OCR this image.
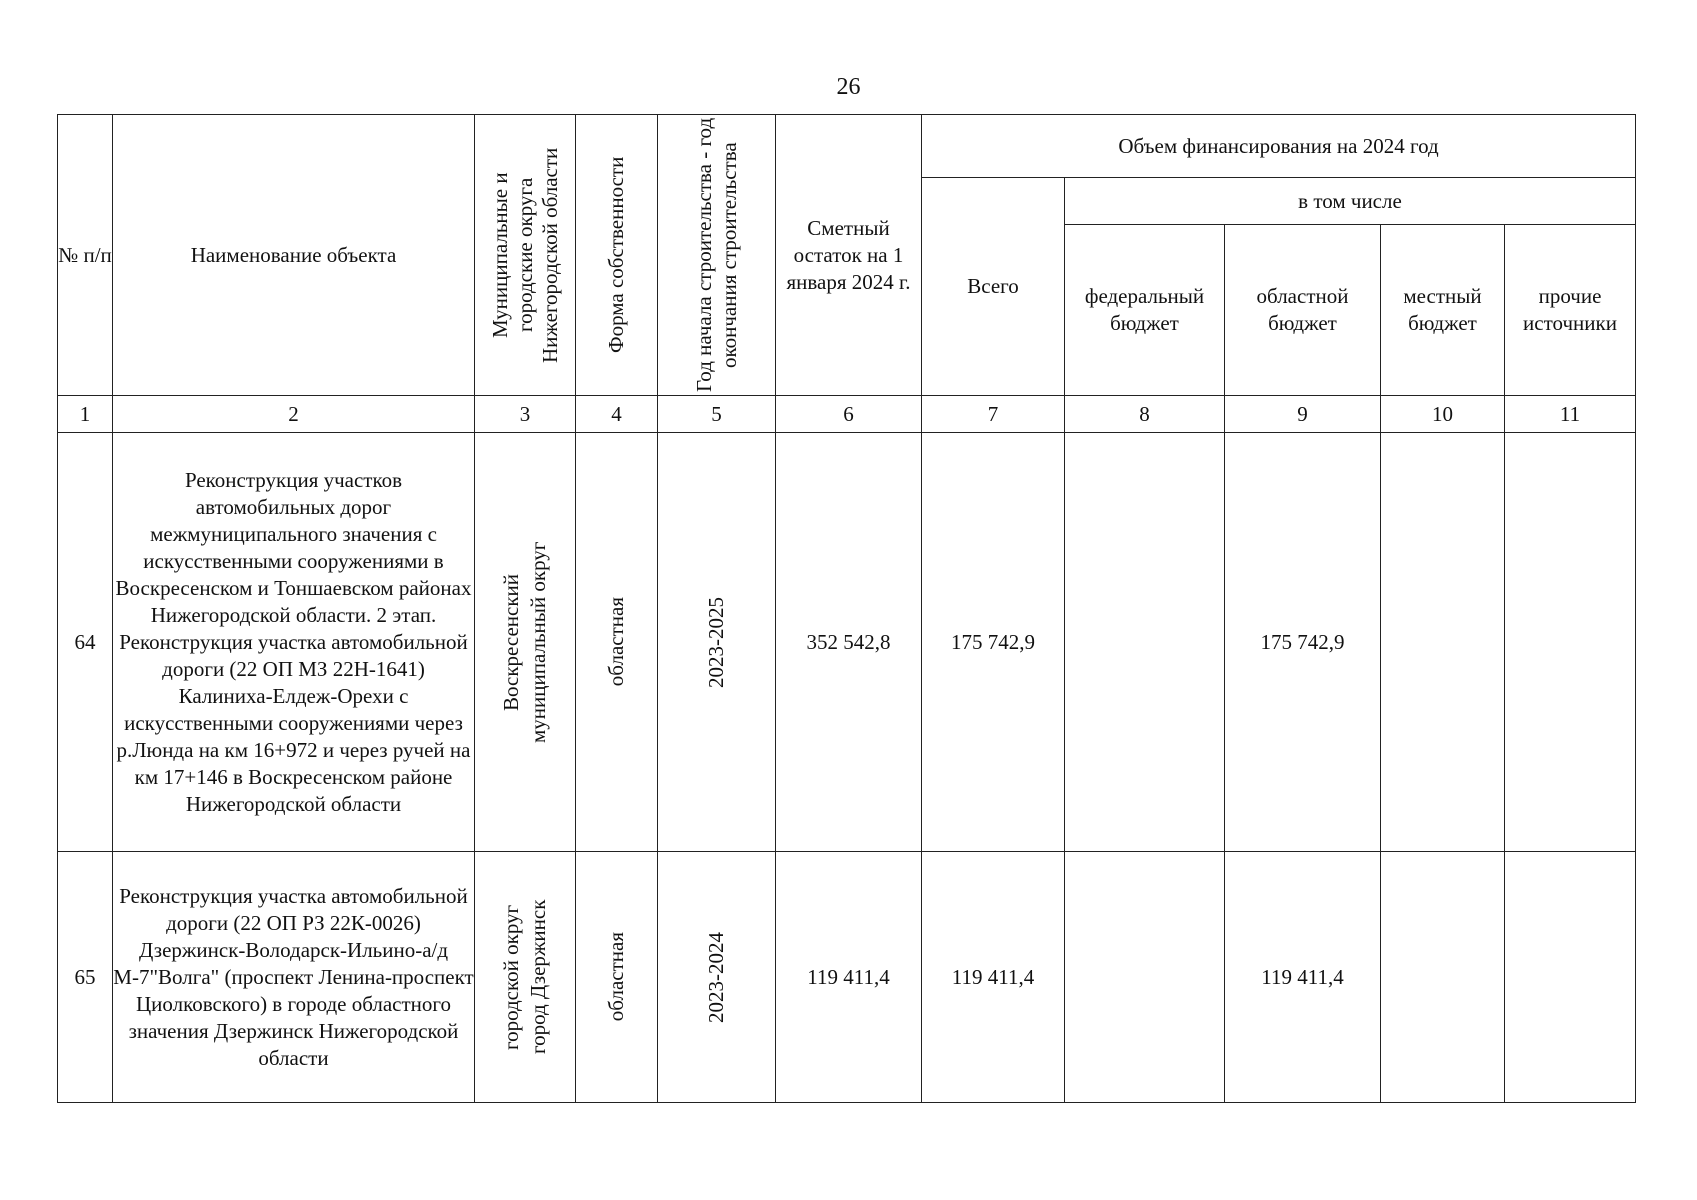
26
№ п/п	Наименование объекта	Муниципальные и городские округа Нижегородской области	Форма собственности	Год начала строительства - год окончания строительства	Сметный остаток на 1 января 2024 г.	Объем финансирования на 2024 год				
						Всего	в том числе			
							федеральный бюджет	областной бюджет	местный бюджет	прочие источники
1	2	3	4	5	6	7	8	9	10	11
64	Реконструкция участков автомобильных дорог межмуниципального значения с искусственными сооружениями в Воскресенском и Тоншаевском районах Нижегородской области. 2 этап. Реконструкция участка автомобильной дороги (22 ОП МЗ 22Н-1641) Калиниха-Елдеж-Орехи с искусственными сооружениями через р.Люнда на км 16+972 и через ручей на км 17+146 в Воскресенском районе Нижегородской области	Воскресенский муниципальный округ	областная	2023-2025	352 542,8	175 742,9		175 742,9		
65	Реконструкция участка автомобильной дороги (22 ОП РЗ 22К-0026) Дзержинск-Володарск-Ильино-а/д М-7"Волга" (проспект Ленина-проспект Циолковского) в городе областного значения Дзержинск Нижегородской области	городской округ город Дзержинск	областная	2023-2024	119 411,4	119 411,4		119 411,4		
